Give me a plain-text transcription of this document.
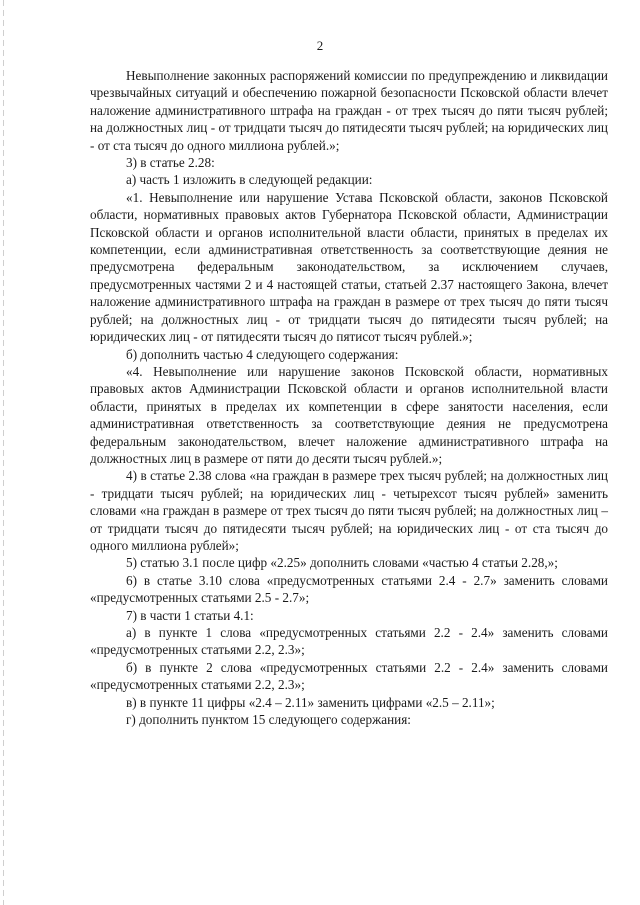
2

Невыполнение законных распоряжений комиссии по предупреждению и ликвидации чрезвычайных ситуаций и обеспечению пожарной безопасности Псковской области влечет наложение административного штрафа на граждан - от трех тысяч до пяти тысяч рублей; на должностных лиц - от тридцати тысяч до пятидесяти тысяч рублей; на юридических лиц - от ста тысяч до одного миллиона рублей.»;

3) в статье 2.28:

а) часть 1 изложить в следующей редакции:

«1. Невыполнение или нарушение Устава Псковской области, законов Псковской области, нормативных правовых актов Губернатора Псковской области, Администрации Псковской области и органов исполнительной власти области, принятых в пределах их компетенции, если административная ответственность за соответствующие деяния не предусмотрена федеральным законодательством, за исключением случаев, предусмотренных частями 2 и 4 настоящей статьи, статьей 2.37 настоящего Закона, влечет наложение административного штрафа на граждан в размере от трех тысяч до пяти тысяч рублей; на должностных лиц - от тридцати тысяч до пятидесяти тысяч рублей; на юридических лиц - от пятидесяти тысяч до пятисот тысяч рублей.»;

б) дополнить частью 4 следующего содержания:

«4. Невыполнение или нарушение законов Псковской области, нормативных правовых актов Администрации Псковской области и органов исполнительной власти области, принятых в пределах их компетенции в сфере занятости населения, если административная ответственность за соответствующие деяния не предусмотрена федеральным законодательством, влечет наложение административного штрафа на должностных лиц в размере от пяти до десяти тысяч рублей.»;

4) в статье 2.38 слова «на граждан в размере трех тысяч рублей; на должностных лиц - тридцати тысяч рублей; на юридических лиц - четырехсот тысяч рублей» заменить словами «на граждан в размере от трех тысяч до пяти тысяч рублей; на должностных лиц – от тридцати тысяч до пятидесяти тысяч рублей; на юридических лиц - от ста тысяч до одного миллиона рублей»;

5) статью 3.1 после цифр «2.25» дополнить словами «частью 4 статьи 2.28,»;

6) в статье 3.10 слова «предусмотренных статьями 2.4 - 2.7» заменить словами «предусмотренных статьями 2.5 - 2.7»;

7) в части 1 статьи 4.1:

а) в пункте 1 слова «предусмотренных статьями 2.2 - 2.4» заменить словами «предусмотренных статьями 2.2, 2.3»;

б) в пункте 2 слова «предусмотренных статьями 2.2 - 2.4» заменить словами «предусмотренных статьями 2.2, 2.3»;

в) в пункте 11 цифры «2.4 – 2.11» заменить цифрами «2.5 – 2.11»;

г) дополнить пунктом 15 следующего содержания:
